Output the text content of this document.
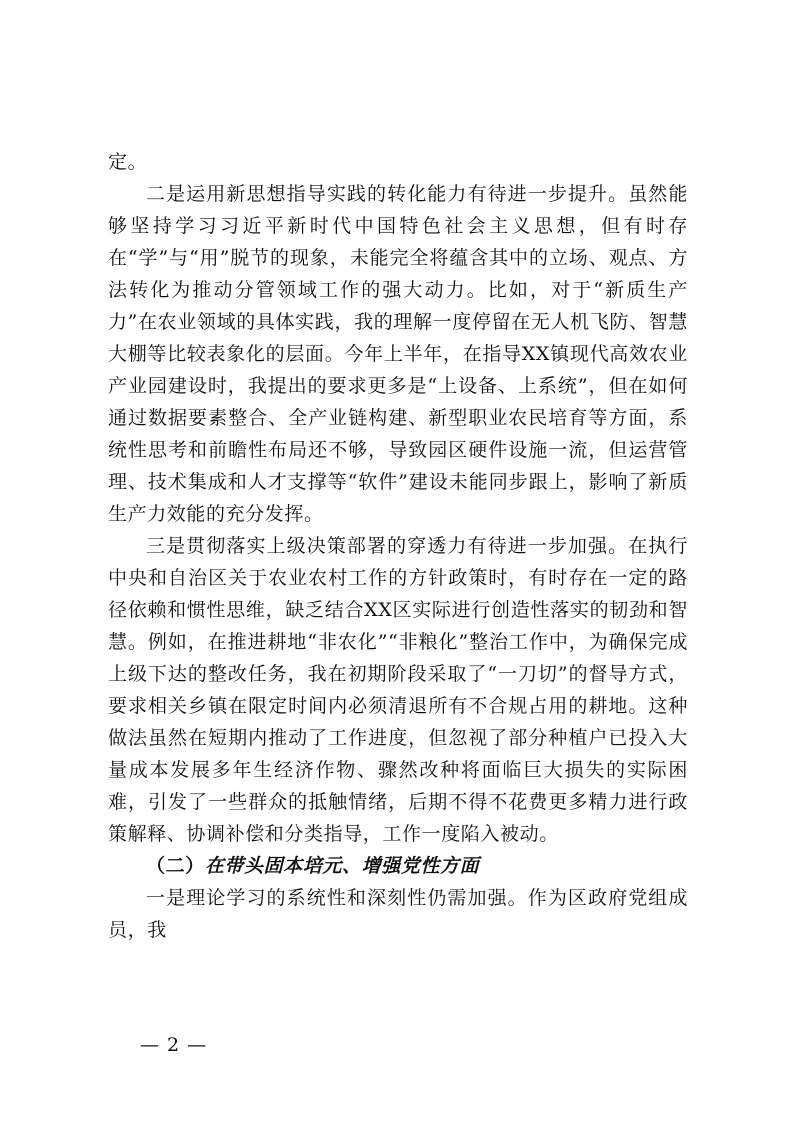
定。

二是运用新思想指导实践的转化能力有待进一步提升。虽然能够坚持学习习近平新时代中国特色社会主义思想，但有时存在“学”与“用”脱节的现象，未能完全将蕴含其中的立场、观点、方法转化为推动分管领域工作的强大动力。比如，对于“新质生产力”在农业领域的具体实践，我的理解一度停留在无人机飞防、智慧大棚等比较表象化的层面。今年上半年，在指导XX镇现代高效农业产业园建设时，我提出的要求更多是“上设备、上系统”，但在如何通过数据要素整合、全产业链构建、新型职业农民培育等方面，系统性思考和前瞻性布局还不够，导致园区硬件设施一流，但运营管理、技术集成和人才支撑等“软件”建设未能同步跟上，影响了新质生产力效能的充分发挥。

三是贯彻落实上级决策部署的穿透力有待进一步加强。在执行中央和自治区关于农业农村工作的方针政策时，有时存在一定的路径依赖和惯性思维，缺乏结合XX区实际进行创造性落实的韧劲和智慧。例如，在推进耕地“非农化”“非粮化”整治工作中，为确保完成上级下达的整改任务，我在初期阶段采取了“一刀切”的督导方式，要求相关乡镇在限定时间内必须清退所有不合规占用的耕地。这种做法虽然在短期内推动了工作进度，但忽视了部分种植户已投入大量成本发展多年生经济作物、骤然改种将面临巨大损失的实际困难，引发了一些群众的抵触情绪，后期不得不花费更多精力进行政策解释、协调补偿和分类指导，工作一度陷入被动。

（二）在带头固本培元、增强党性方面

一是理论学习的系统性和深刻性仍需加强。作为区政府党组成员，我

— 2 —
